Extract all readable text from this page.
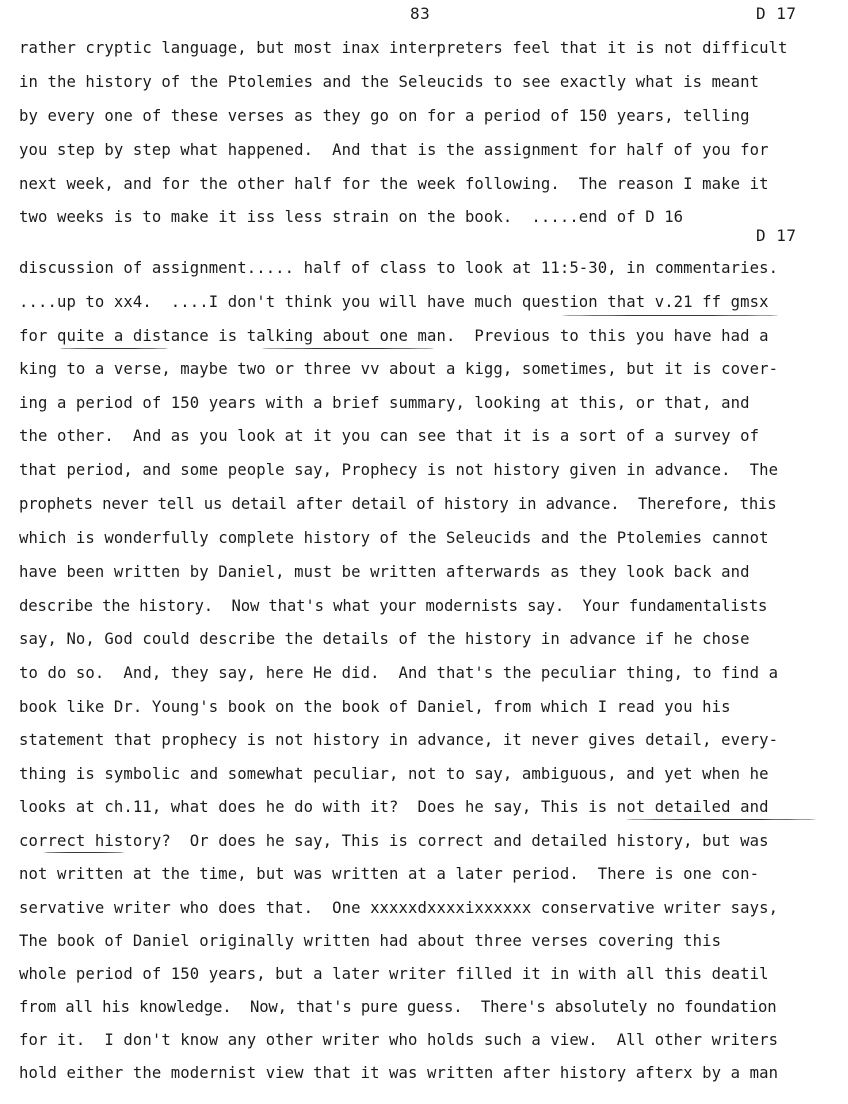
83	D 17
D 17
rather cryptic language, but most inax interpreters feel that it is not difficult
in the history of the Ptolemies and the Seleucids to see exactly what is meant
by every one of these verses as they go on for a period of 150 years, telling
you step by step what happened.  And that is the assignment for half of you for
next week, and for the other half for the week following.  The reason I make it
two weeks is to make it iss less strain on the book.  .....end of D 16
discussion of assignment..... half of class to look at 11:5-30, in commentaries.
....up to xx4.  ....I don't think you will have much question that v.21 ff gmsx
for quite a distance is talking about one man.  Previous to this you have had a
king to a verse, maybe two or three vv about a kigg, sometimes, but it is cover-
ing a period of 150 years with a brief summary, looking at this, or that, and
the other.  And as you look at it you can see that it is a sort of a survey of
that period, and some people say, Prophecy is not history given in advance.  The
prophets never tell us detail after detail of history in advance.  Therefore, this
which is wonderfully complete history of the Seleucids and the Ptolemies cannot
have been written by Daniel, must be written afterwards as they look back and
describe the history.  Now that's what your modernists say.  Your fundamentalists
say, No, God could describe the details of the history in advance if he chose
to do so.  And, they say, here He did.  And that's the peculiar thing, to find a
book like Dr. Young's book on the book of Daniel, from which I read you his
statement that prophecy is not history in advance, it never gives detail, every-
thing is symbolic and somewhat peculiar, not to say, ambiguous, and yet when he
looks at ch.11, what does he do with it?  Does he say, This is not detailed and
correct history?  Or does he say, This is correct and detailed history, but was
not written at the time, but was written at a later period.  There is one con-
servative writer who does that.  One xxxxxdxxxxixxxxxx conservative writer says,
The book of Daniel originally written had about three verses covering this
whole period of 150 years, but a later writer filled it in with all this deatil
from all his knowledge.  Now, that's pure guess.  There's absolutely no foundation
for it.  I don't know any other writer who holds such a view.  All other writers
hold either the modernist view that it was written after history afterx by a man
